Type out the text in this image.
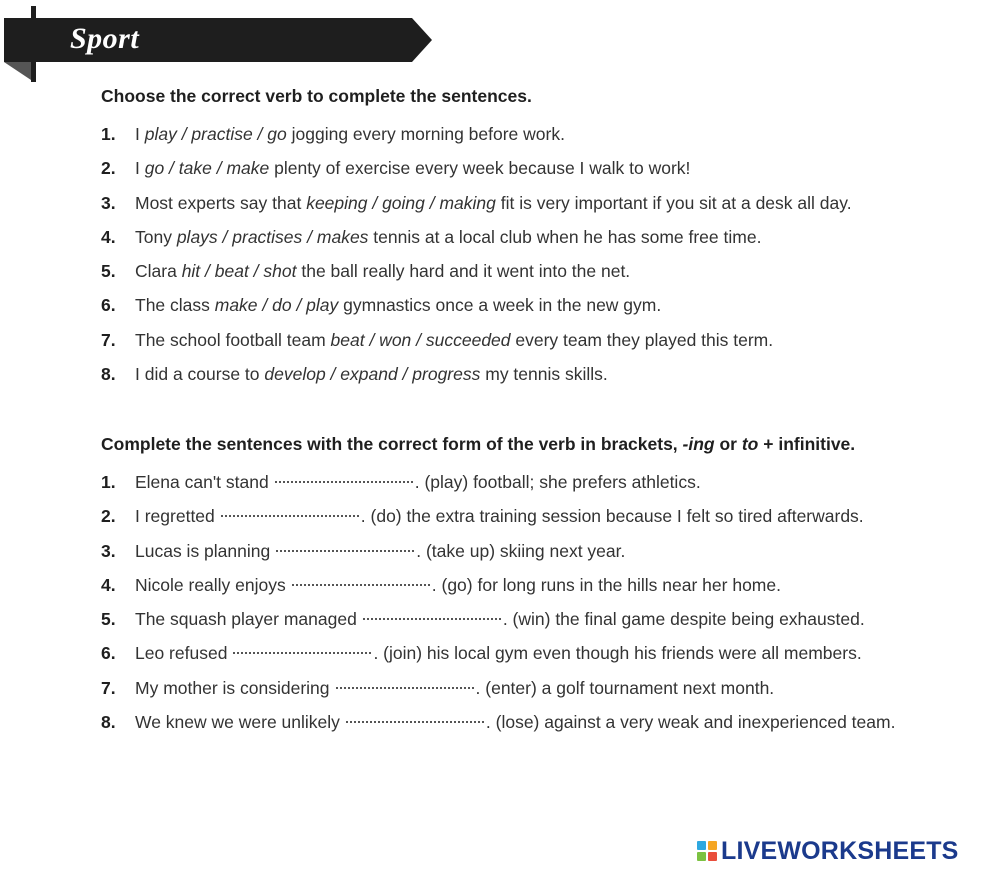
Sport

Choose the correct verb to complete the sentences.

1. I play / practise / go jogging every morning before work.
2. I go / take / make plenty of exercise every week because I walk to work!
3. Most experts say that keeping / going / making fit is very important if you sit at a desk all day.
4. Tony plays / practises / makes tennis at a local club when he has some free time.
5. Clara hit / beat / shot the ball really hard and it went into the net.
6. The class make / do / play gymnastics once a week in the new gym.
7. The school football team beat / won / succeeded every team they played this term.
8. I did a course to develop / expand / progress my tennis skills.

Complete the sentences with the correct form of the verb in brackets, -ing or to + infinitive.

1. Elena can't stand	. (play) football; she prefers athletics.
2. I regretted	. (do) the extra training session because I felt so tired afterwards.
3. Lucas is planning	. (take up) skiing next year.
4. Nicole really enjoys	. (go) for long runs in the hills near her home.
5. The squash player managed	. (win) the final game despite being exhausted.
6. Leo refused	. (join) his local gym even though his friends were all members.
7. My mother is considering	. (enter) a golf tournament next month.
8. We knew we were unlikely	. (lose) against a very weak and inexperienced team.
LIVEWORKSHEETS
